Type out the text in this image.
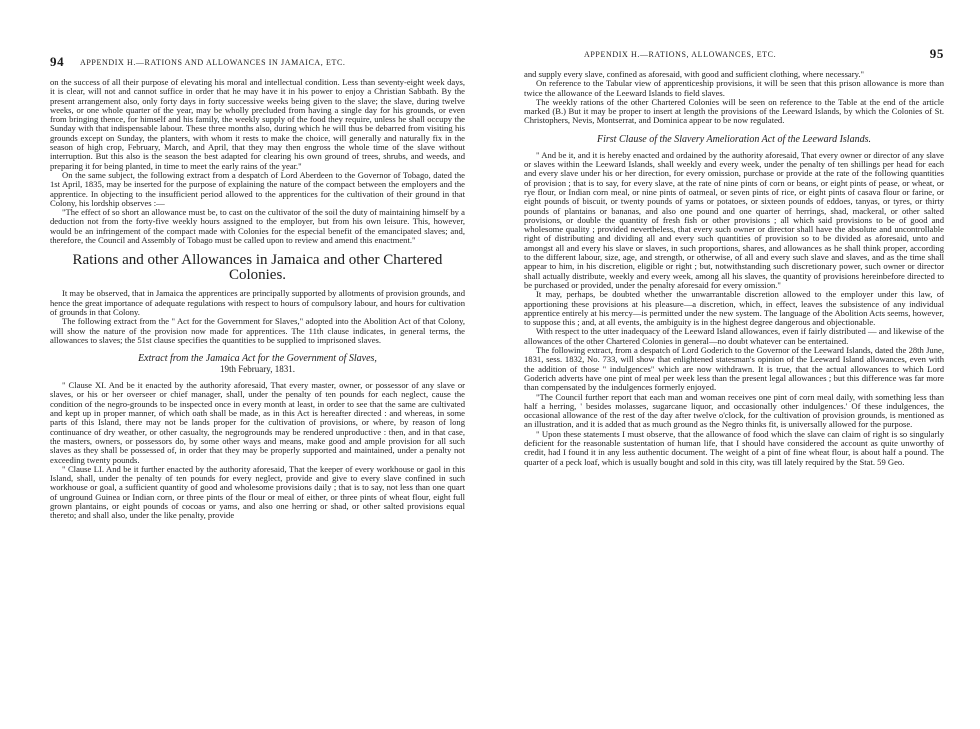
94 APPENDIX H.—RATIONS AND ALLOWANCES IN JAMAICA, ETC.

on the success of all their purpose of elevating his moral and intellectual condition. Less than seventy-eight week days, it is clear, will not and cannot suffice in order that he may have it in his power to enjoy a Christian Sabbath. By the present arrangement also, only forty days in forty successive weeks being given to the slave; the slave, during twelve weeks, or one whole quarter of the year, may be wholly precluded from having a single day for his grounds, or even from bringing thence, for himself and his family, the weekly supply of the food they require, unless he shall occupy the Sunday with that indispensable labour. These three months also, during which he will thus be debarred from visiting his grounds except on Sunday, the planters, with whom it rests to make the choice, will generally and naturally fix in the season of high crop, February, March, and April, that they may then engross the whole time of the slave without interruption. But this also is the season the best adapted for clearing his own ground of trees, shrubs, and weeds, and preparing it for being planted, in time to meet the early rains of the year."

On the same subject, the following extract from a despatch of Lord Aberdeen to the Governor of Tobago, dated the 1st April, 1835, may be inserted for the purpose of explaining the nature of the compact between the employers and the apprentice. In objecting to the insufficient period allowed to the apprentices for the cultivation of their ground in that Colony, his lordship observes :—

"The effect of so short an allowance must be, to cast on the cultivator of the soil the duty of maintaining himself by a deduction not from the forty-five weekly hours assigned to the employer, but from his own leisure. This, however, would be an infringement of the compact made with Colonies for the especial benefit of the emancipated slaves; and, therefore, the Council and Assembly of Tobago must be called upon to review and amend this enactment."

Rations and other Allowances in Jamaica and other Chartered Colonies.

It may be observed, that in Jamaica the apprentices are principally supported by allotments of provision grounds, and hence the great importance of adequate regulations with respect to hours of compulsory labour, and hours for cultivation of grounds in that Colony.

The following extract from the " Act for the Government for Slaves," adopted into the Abolition Act of that Colony, will show the nature of the provision now made for apprentices. The 11th clause indicates, in general terms, the allowances to slaves; the 51st clause specifies the quantities to be supplied to imprisoned slaves.

Extract from the Jamaica Act for the Government of Slaves,
19th February, 1831.

" Clause XI. And be it enacted by the authority aforesaid, That every master, owner, or possessor of any slave or slaves, or his or her overseer or chief manager, shall, under the penalty of ten pounds for each neglect, cause the condition of the negro-grounds to be inspected once in every month at least, in order to see that the same are cultivated and kept up in proper manner, of which oath shall be made, as in this Act is hereafter directed : and whereas, in some parts of this Island, there may not be lands proper for the cultivation of provisions, or where, by reason of long continuance of dry weather, or other casualty, the negrogrounds may be rendered unproductive : then, and in that case, the masters, owners, or possessors do, by some other ways and means, make good and ample provision for all such slaves as they shall be possessed of, in order that they may be properly supported and maintained, under a penalty not exceeding twenty pounds.

" Clause LI. And be it further enacted by the authority aforesaid, That the keeper of every workhouse or gaol in this Island, shall, under the penalty of ten pounds for every neglect, provide and give to every slave confined in such workhouse or goal, a sufficient quantity of good and wholesome provisions daily ; that is to say, not less than one quart of unground Guinea or Indian corn, or three pints of the flour or meal of either, or three pints of wheat flour, eight full grown plantains, or eight pounds of cocoas or yams, and also one herring or shad, or other salted provisions equal thereto; and shall also, under the like penalty, provide

APPENDIX H.—RATIONS, ALLOWANCES, ETC.	95

and supply every slave, confined as aforesaid, with good and sufficient clothing, where necessary."

On reference to the Tabular view of apprenticeship provisions, it will be seen that this prison allowance is more than twice the allowance of the Leeward Islands to field slaves.

The weekly rations of the other Chartered Colonies will be seen on reference to the Table at the end of the article marked (B.) But it may be proper to insert at length the provisions of the Leeward Islands, by which the Colonies of St. Christophers, Nevis, Montserrat, and Dominica appear to be now regulated.

First Clause of the Slavery Amelioration Act of the Leeward Islands.

" And be it, and it is hereby enacted and ordained by the authority aforesaid, That every owner or director of any slave or slaves within the Leeward Islands, shall weekly and every week, under the penalty of ten shillings per head for each and every slave under his or her direction, for every omission, purchase or provide at the rate of the following quantities of provision ; that is to say, for every slave, at the rate of nine pints of corn or beans, or eight pints of pease, or wheat, or rye flour, or Indian corn meal, or nine pints of oatmeal, or seven pints of rice, or eight pints of casava flour or farine, or eight pounds of biscuit, or twenty pounds of yams or potatoes, or sixteen pounds of eddoes, tanyas, or tyres, or thirty pounds of plantains or bananas, and also one pound and one quarter of herrings, shad, mackeral, or other salted provisions, or double the quantity of fresh fish or other provisions ; all which said provisions to be of good and wholesome quality ; provided nevertheless, that every such owner or director shall have the absolute and uncontrollable right of distributing and dividing all and every such quantities of provision so to be divided as aforesaid, unto and amongst all and every his slave or slaves, in such proportions, shares, and allowances as he shall think proper, according to the different labour, size, age, and strength, or otherwise, of all and every such slave and slaves, and as the time shall appear to him, in his discretion, eligible or right ; but, notwithstanding such discretionary power, such owner or director shall actually distribute, weekly and every week, among all his slaves, the quantity of provisions hereinbefore directed to be purchased or provided, under the penalty aforesaid for every omission."

It may, perhaps, be doubted whether the unwarrantable discretion allowed to the employer under this law, of apportioning these provisions at his pleasure—a discretion, which, in effect, leaves the subsistence of any individual apprentice entirely at his mercy—is permitted under the new system. The language of the Abolition Acts seems, however, to suppose this ; and, at all events, the ambiguity is in the highest degree dangerous and objectionable.

With respect to the utter inadequacy of the Leeward Island allowances, even if fairly distributed — and likewise of the allowances of the other Chartered Colonies in general—no doubt whatever can be entertained.

The following extract, from a despatch of Lord Goderich to the Governor of the Leeward Islands, dated the 28th June, 1831, sess. 1832, No. 733, will show that enlightened statesman's opinion of the Leeward Island allowances, even with the addition of those " indulgences" which are now withdrawn. It is true, that the actual allowances to which Lord Goderich adverts have one pint of meal per week less than the present legal allowances ; but this difference was far more than compensated by the indulgences formerly enjoyed.

"The Council further report that each man and woman receives one pint of corn meal daily, with something less than half a herring, ' besides molasses, sugarcane liquor, and occasionally other indulgences.' Of these indulgences, the occasional allowance of the rest of the day after twelve o'clock, for the cultivation of provision grounds, is mentioned as an illustration, and it is added that as much ground as the Negro thinks fit, is universally allowed for the purpose.

" Upon these statements I must observe, that the allowance of food which the slave can claim of right is so singularly deficient for the reasonable sustentation of human life, that I should have considered the account as quite unworthy of credit, had I found it in any less authentic document. The weight of a pint of fine wheat flour, is about half a pound. The quarter of a peck loaf, which is usually bought and sold in this city, was till lately required by the Stat. 59 Geo.
